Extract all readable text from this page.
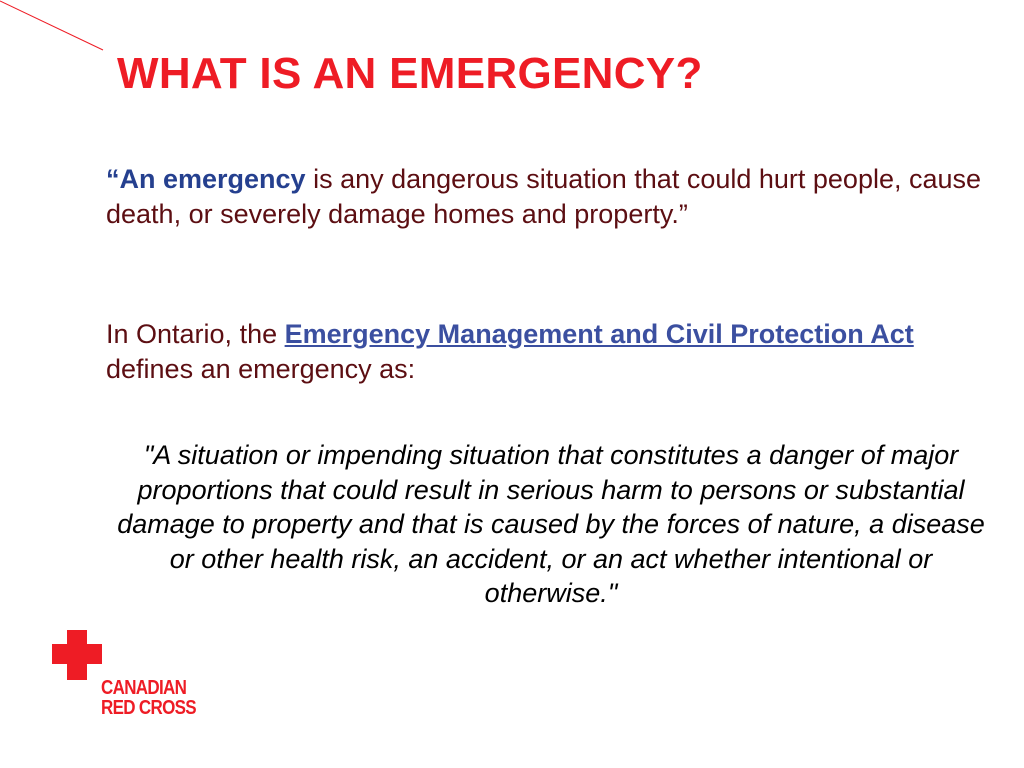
WHAT IS AN EMERGENCY?
“An emergency is any dangerous situation that could hurt people, cause death, or severely damage homes and property.”
In Ontario, the Emergency Management and Civil Protection Act defines an emergency as:

"A situation or impending situation that constitutes a danger of major proportions that could result in serious harm to persons or substantial damage to property and that is caused by the forces of nature, a disease or other health risk, an accident, or an act whether intentional or otherwise."

CANADIAN
RED CROSS
